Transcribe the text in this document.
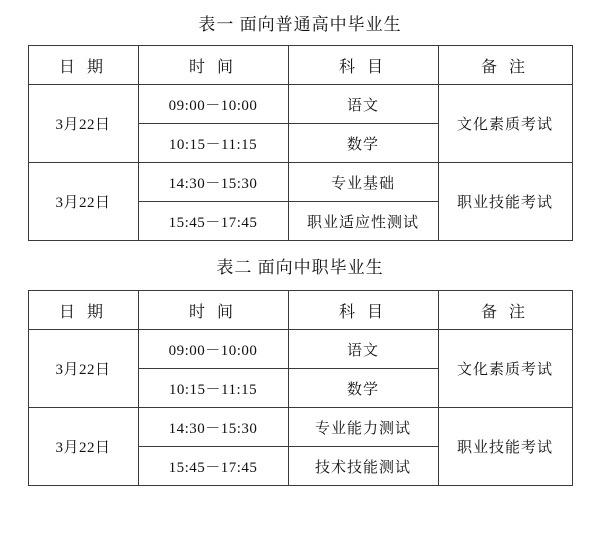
表一 面向普通高中毕业生
日 期	时 间	科 目	备 注
3月22日	09:00－10:00	语文	文化素质考试
	10:15－11:15	数学	
3月22日	14:30－15:30	专业基础	职业技能考试
	15:45－17:45	职业适应性测试	
表二 面向中职毕业生
日 期	时 间	科 目	备 注
3月22日	09:00－10:00	语文	文化素质考试
	10:15－11:15	数学	
3月22日	14:30－15:30	专业能力测试	职业技能考试
	15:45－17:45	技术技能测试	
